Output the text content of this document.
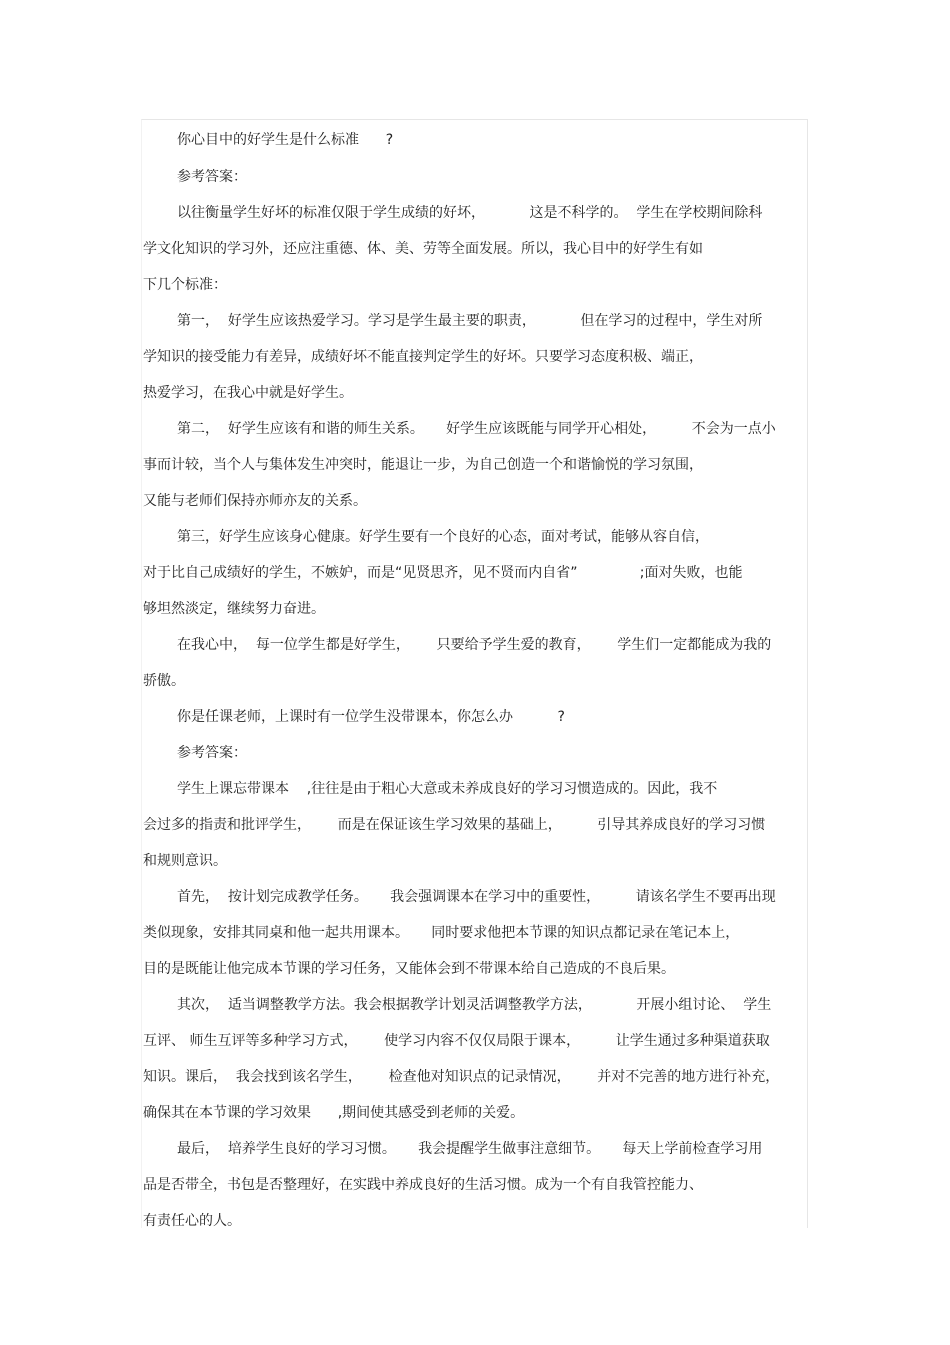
你心目中的好学生是什么标准      ?
参考答案：
以往衡量学生好坏的标准仅限于学生成绩的好坏，          这是不科学的。  学生在学校期间除科
学文化知识的学习外，还应注重德、体、美、劳等全面发展。所以，我心目中的好学生有如
下几个标准：
第一，  好学生应该热爱学习。学习是学生最主要的职责，          但在学习的过程中，学生对所
学知识的接受能力有差异，成绩好坏不能直接判定学生的好坏。只要学习态度积极、端正，
热爱学习，在我心中就是好学生。
第二，  好学生应该有和谐的师生关系。     好学生应该既能与同学开心相处，        不会为一点小
事而计较，当个人与集体发生冲突时，能退让一步，为自己创造一个和谐愉悦的学习氛围，
又能与老师们保持亦师亦友的关系。
第三，好学生应该身心健康。好学生要有一个良好的心态，面对考试，能够从容自信，
对于比自己成绩好的学生，不嫉妒，而是“见贤思齐，见不贤而内自省”              ;面对失败，也能
够坦然淡定，继续努力奋进。
在我心中，  每一位学生都是好学生，      只要给予学生爱的教育，      学生们一定都能成为我的
骄傲。
你是任课老师，上课时有一位学生没带课本，你怎么办          ?
参考答案：
学生上课忘带课本    ,往往是由于粗心大意或未养成良好的学习习惯造成的。因此，我不
会过多的指责和批评学生，      而是在保证该生学习效果的基础上，        引导其养成良好的学习习惯
和规则意识。
首先，  按计划完成教学任务。     我会强调课本在学习中的重要性，        请该名学生不要再出现
类似现象，安排其同桌和他一起共用课本。     同时要求他把本节课的知识点都记录在笔记本上，
目的是既能让他完成本节课的学习任务，又能体会到不带课本给自己造成的不良后果。
其次，  适当调整教学方法。我会根据教学计划灵活调整教学方法，          开展小组讨论、  学生
互评、 师生互评等多种学习方式，      使学习内容不仅仅局限于课本，        让学生通过多种渠道获取
知识。课后，  我会找到该名学生，      检查他对知识点的记录情况，      并对不完善的地方进行补充，
确保其在本节课的学习效果      ,期间使其感受到老师的关爱。
最后，  培养学生良好的学习习惯。     我会提醒学生做事注意细节。     每天上学前检查学习用
品是否带全，书包是否整理好，在实践中养成良好的生活习惯。成为一个有自我管控能力、
有责任心的人。
